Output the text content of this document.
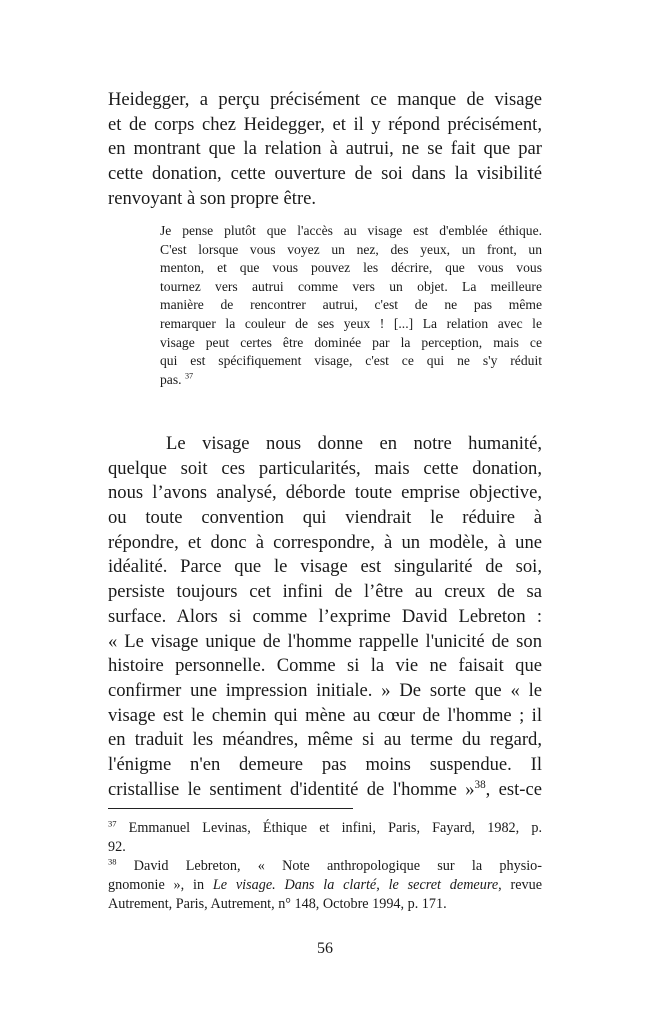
Heidegger, a perçu précisément ce manque de visage
et de corps chez Heidegger, et il y répond précisément,
en montrant que la relation à autrui, ne se fait que par
cette donation, cette ouverture de soi dans la visibilité
renvoyant à son propre être.
Je pense plutôt que l'accès au visage est d'emblée éthique.
C'est lorsque vous voyez un nez, des yeux, un front, un
menton, et que vous pouvez les décrire, que vous vous
tournez vers autrui comme vers un objet. La meilleure
manière de rencontrer autrui, c'est de ne pas même
remarquer la couleur de ses yeux ! [...] La relation avec le
visage peut certes être dominée par la perception, mais ce
qui est spécifiquement visage, c'est ce qui ne s'y réduit
pas. $^{37}$
Le visage nous donne en notre humanité,
quelque soit ces particularités, mais cette donation,
nous l’avons analysé, déborde toute emprise objective,
ou toute convention qui viendrait le réduire à
répondre, et donc à correspondre, à un modèle, à une
idéalité. Parce que le visage est singularité de soi,
persiste toujours cet infini de l’être au creux de sa
surface. Alors si comme l’exprime David Lebreton :
« Le visage unique de l'homme rappelle l'unicité de son
histoire personnelle. Comme si la vie ne faisait que
confirmer une impression initiale. » De sorte que « le
visage est le chemin qui mène au cœur de l'homme ; il
en traduit les méandres, même si au terme du regard,
l'énigme n'en demeure pas moins suspendue. Il
cristallise le sentiment d'identité de l'homme »$^{38}$, est-ce
$^{37}$ Emmanuel Levinas, Éthique et infini, Paris, Fayard, 1982, p.
92.
$^{38}$ David Lebreton, « Note anthropologique sur la physio-
gnomonie », in Le visage. Dans la clarté, le secret demeure, revue
Autrement, Paris, Autrement, n° 148, Octobre 1994, p. 171.
56
